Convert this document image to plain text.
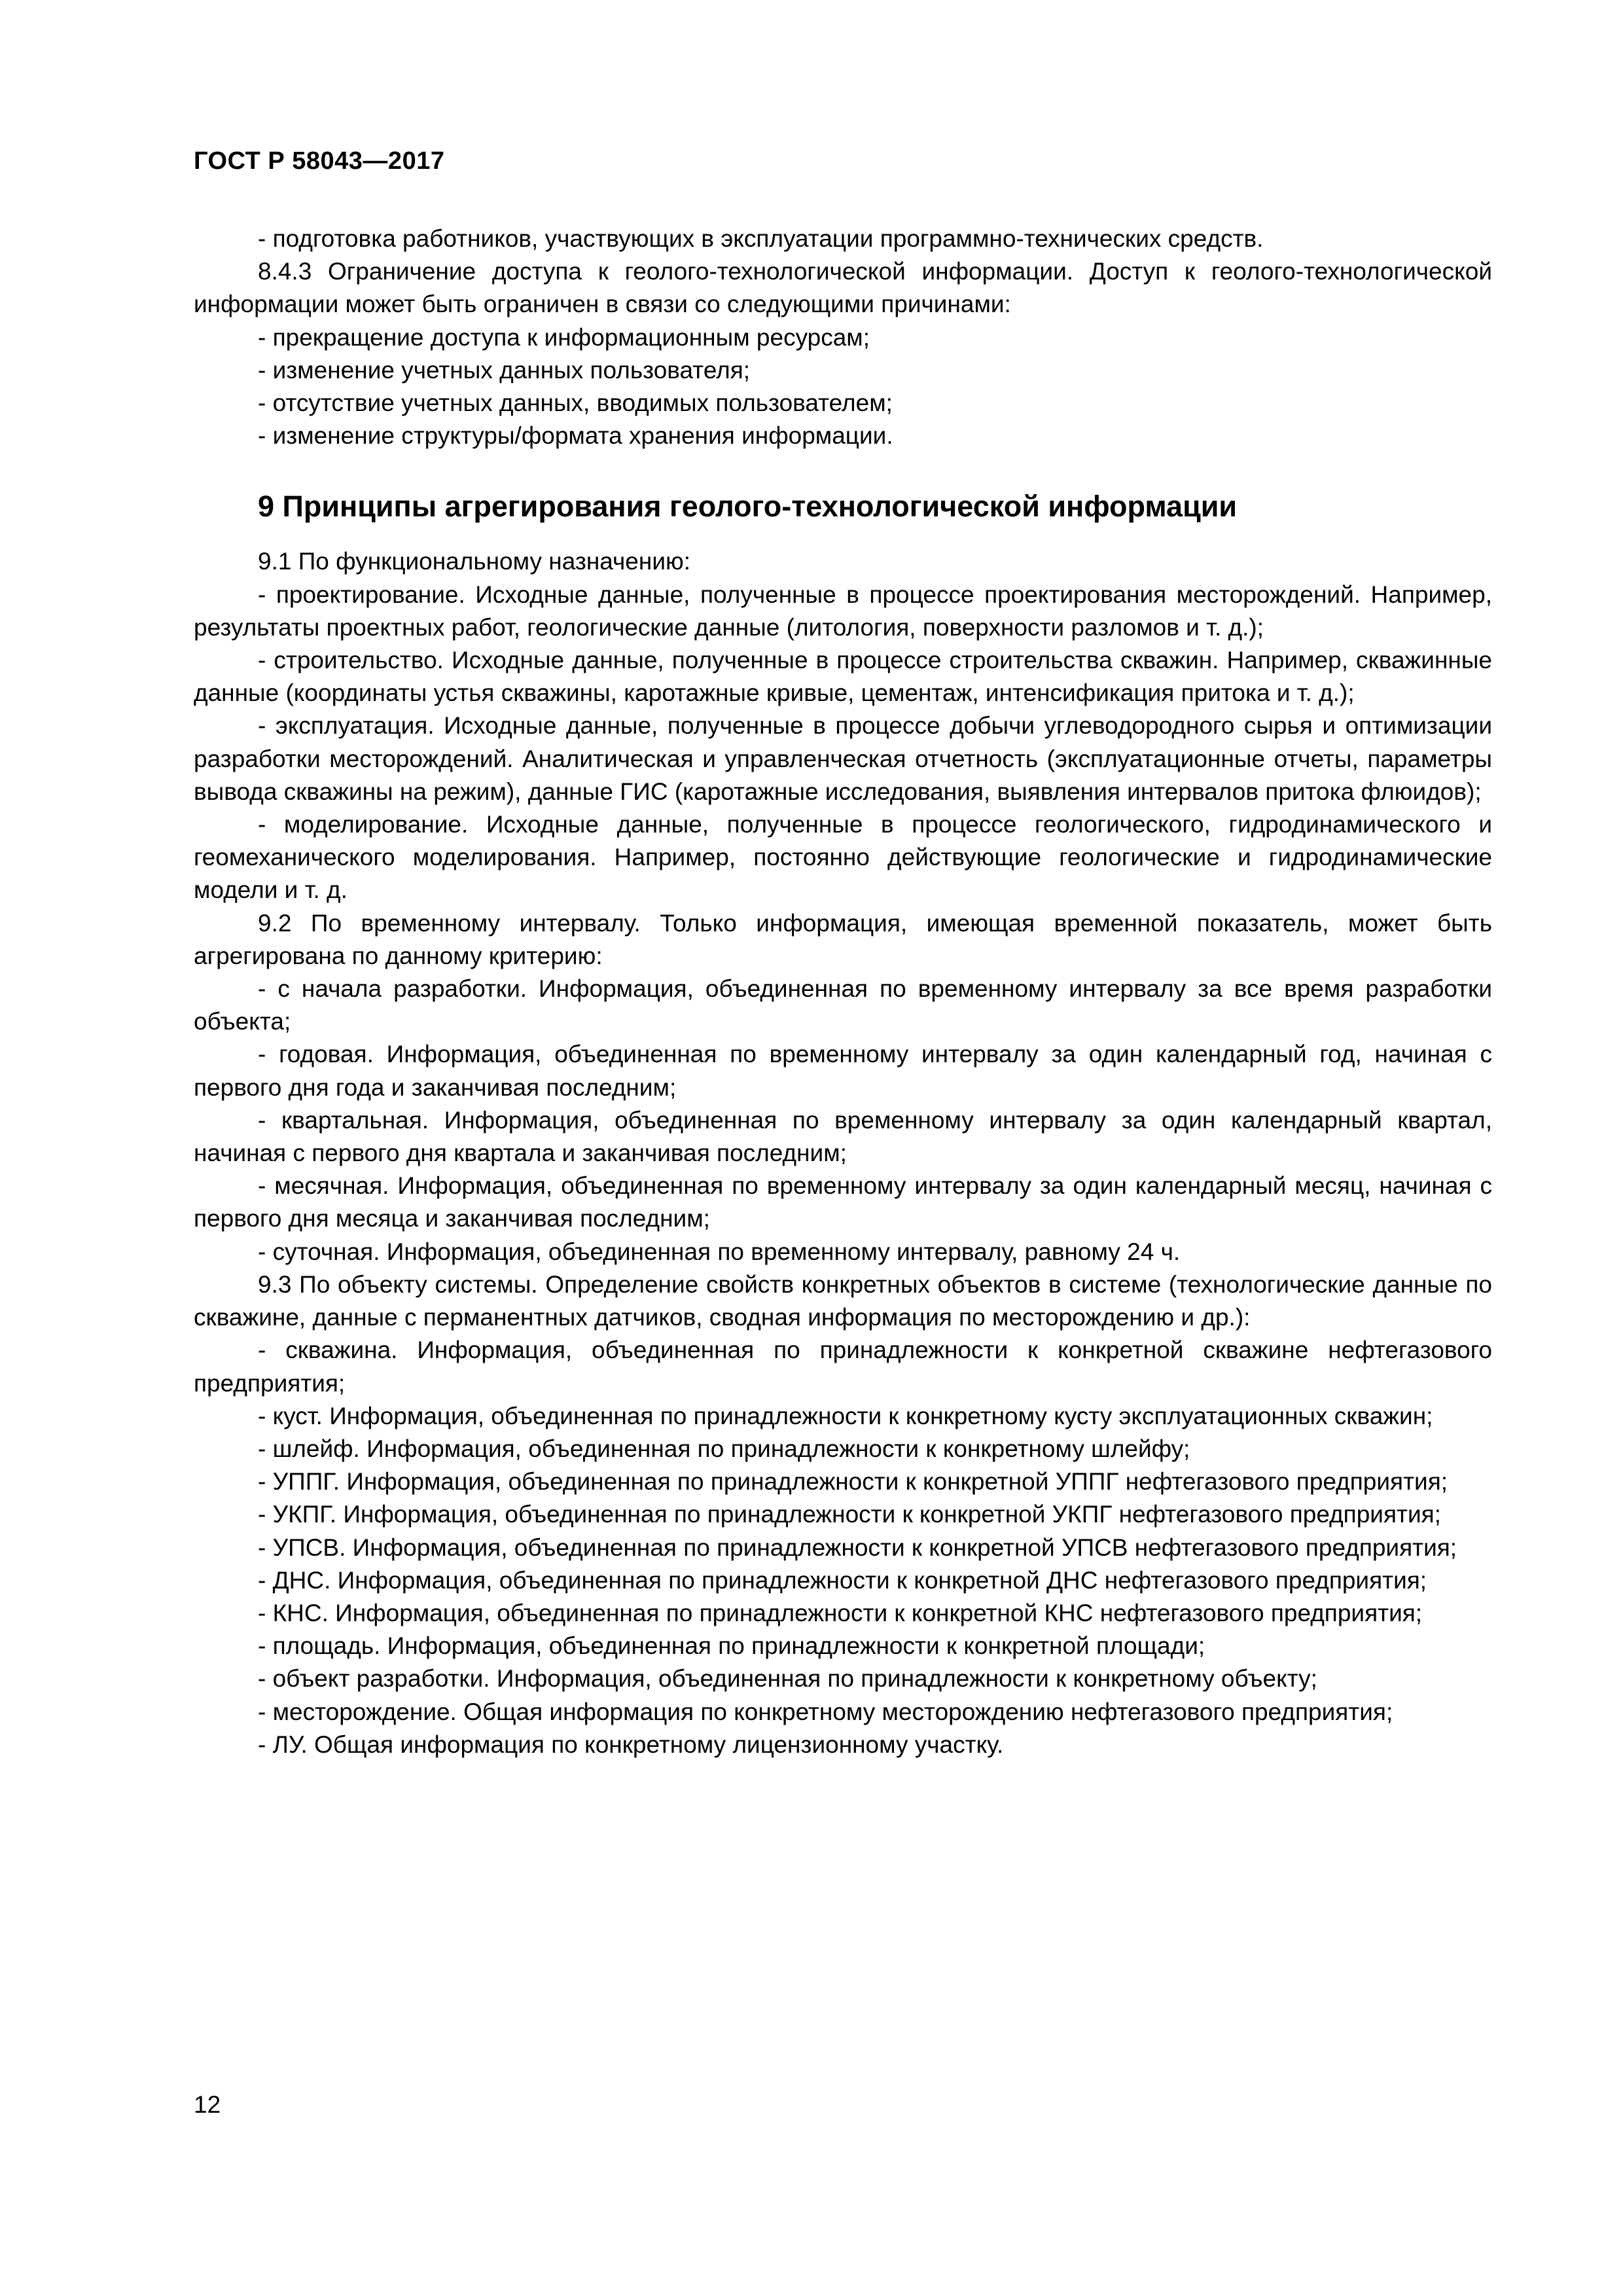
ГОСТ Р 58043—2017

- подготовка работников, участвующих в эксплуатации программно-технических средств.

8.4.3 Ограничение доступа к геолого-технологической информации. Доступ к геолого-технологической информации может быть ограничен в связи со следующими причинами:

- прекращение доступа к информационным ресурсам;

- изменение учетных данных пользователя;

- отсутствие учетных данных, вводимых пользователем;

- изменение структуры/формата хранения информации.

9 Принципы агрегирования геолого-технологической информации

9.1 По функциональному назначению:

- проектирование. Исходные данные, полученные в процессе проектирования месторождений. Например, результаты проектных работ, геологические данные (литология, поверхности разломов и т. д.);

- строительство. Исходные данные, полученные в процессе строительства скважин. Например, скважинные данные (координаты устья скважины, каротажные кривые, цементаж, интенсификация притока и т. д.);

- эксплуатация. Исходные данные, полученные в процессе добычи углеводородного сырья и оптимизации разработки месторождений. Аналитическая и управленческая отчетность (эксплуатационные отчеты, параметры вывода скважины на режим), данные ГИС (каротажные исследования, выявления интервалов притока флюидов);

- моделирование. Исходные данные, полученные в процессе геологического, гидродинамического и геомеханического моделирования. Например, постоянно действующие геологические и гидродинамические модели и т. д.

9.2 По временному интервалу. Только информация, имеющая временной показатель, может быть агрегирована по данному критерию:

- с начала разработки. Информация, объединенная по временному интервалу за все время разработки объекта;

- годовая. Информация, объединенная по временному интервалу за один календарный год, начиная с первого дня года и заканчивая последним;

- квартальная. Информация, объединенная по временному интервалу за один календарный квартал, начиная с первого дня квартала и заканчивая последним;

- месячная. Информация, объединенная по временному интервалу за один календарный месяц, начиная с первого дня месяца и заканчивая последним;

- суточная. Информация, объединенная по временному интервалу, равному 24 ч.

9.3 По объекту системы. Определение свойств конкретных объектов в системе (технологические данные по скважине, данные с перманентных датчиков, сводная информация по месторождению и др.):

- скважина. Информация, объединенная по принадлежности к конкретной скважине нефтегазового предприятия;

- куст. Информация, объединенная по принадлежности к конкретному кусту эксплуатационных скважин;

- шлейф. Информация, объединенная по принадлежности к конкретному шлейфу;

- УППГ. Информация, объединенная по принадлежности к конкретной УППГ нефтегазового предприятия;

- УКПГ. Информация, объединенная по принадлежности к конкретной УКПГ нефтегазового предприятия;

- УПСВ. Информация, объединенная по принадлежности к конкретной УПСВ нефтегазового предприятия;

- ДНС. Информация, объединенная по принадлежности к конкретной ДНС нефтегазового предприятия;

- КНС. Информация, объединенная по принадлежности к конкретной КНС нефтегазового предприятия;

- площадь. Информация, объединенная по принадлежности к конкретной площади;

- объект разработки. Информация, объединенная по принадлежности к конкретному объекту;

- месторождение. Общая информация по конкретному месторождению нефтегазового предприятия;

- ЛУ. Общая информация по конкретному лицензионному участку.

12
